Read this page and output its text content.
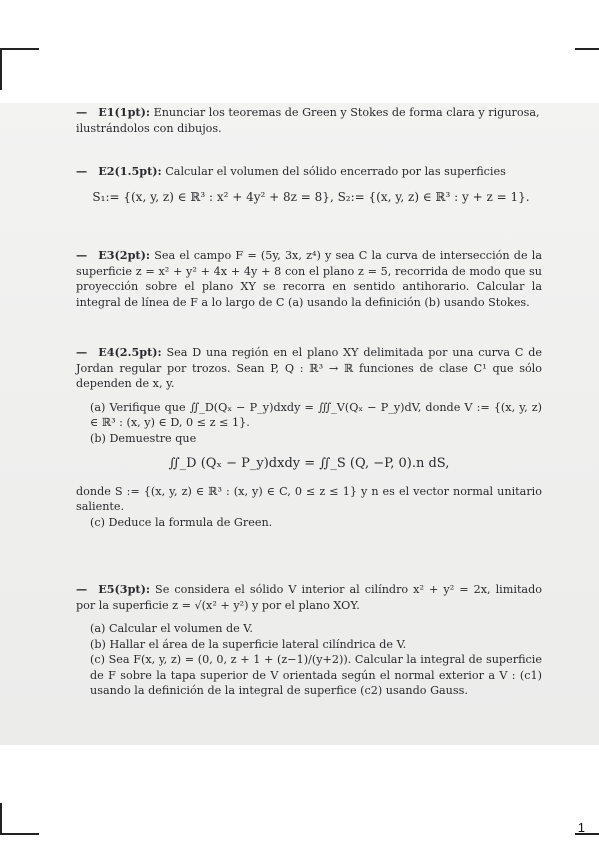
— E1(1pt): Enunciar los teoremas de Green y Stokes de forma clara y rigurosa, ilustrándolos con dibujos.

— E2(1.5pt): Calcular el volumen del sólido encerrado por las superficies

S₁:= {(x, y, z) ∈ ℝ³ : x² + 4y² + 8z = 8}, S₂:= {(x, y, z) ∈ ℝ³ : y + z = 1}.

— E3(2pt): Sea el campo F = (5y, 3x, z⁴) y sea C la curva de intersección de la superficie z = x² + y² + 4x + 4y + 8 con el plano z = 5, recorrida de modo que su proyección sobre el plano XY se recorra en sentido antihorario. Calcular la integral de línea de F a lo largo de C (a) usando la definición (b) usando Stokes.

— E4(2.5pt): Sea D una región en el plano XY delimitada por una curva C de Jordan regular por trozos. Sean P, Q : ℝ³ → ℝ funciones de clase C¹ que sólo dependen de x, y.

(a) Verifique que ∬_D(Qₓ − P_y)dxdy = ∭_V(Qₓ − P_y)dV, donde V := {(x, y, z) ∈ ℝ³ : (x, y) ∈ D, 0 ≤ z ≤ 1}.

(b) Demuestre que

∬_D (Qₓ − P_y)dxdy = ∬_S (Q, −P, 0).n dS,

donde S := {(x, y, z) ∈ ℝ³ : (x, y) ∈ C, 0 ≤ z ≤ 1} y n es el vector normal unitario saliente.

(c) Deduce la formula de Green.

— E5(3pt): Se considera el sólido V interior al cilíndro x² + y² = 2x, limitado por la superficie z = √(x² + y²) y por el plano XOY.

(a) Calcular el volumen de V.

(b) Hallar el área de la superficie lateral cilíndrica de V.

(c) Sea F(x, y, z) = (0, 0, z + 1 + (z−1)/(y+2)). Calcular la integral de superficie de F sobre la tapa superior de V orientada según el normal exterior a V : (c1) usando la definición de la integral de superfice (c2) usando Gauss.

1
